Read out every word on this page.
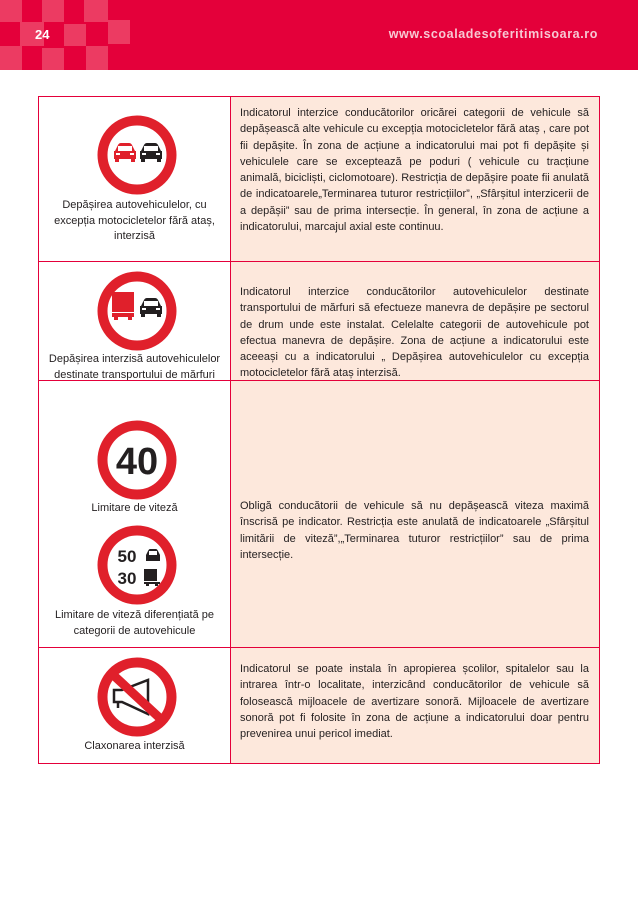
24	www.scoaladesoferitimisoara.ro
Depășirea autovehiculelor, cu excepția motocicletelor fără ataș, interzisă
Indicatorul interzice conducătorilor oricărei categorii de vehicule să depășească alte vehicule cu excepția motocicletelor fără ataș , care pot fii depășite. În zona de acțiune a indicatorului mai pot fi depășite și vehiculele care se exceptează pe poduri ( vehicule cu tracțiune animală, bicicliști, ciclomotoare). Restricția de depășire poate fii anulată de indicatoarele„Terminarea tuturor restricțiilor”, „Sfârșitul interzicerii de a depășii” sau de prima intersecție. În general, în zona de acțiune a indicatorului, marcajul axial este continuu.
Depășirea interzisă autovehiculelor destinate transportului de mărfuri
Indicatorul interzice conducătorilor autovehiculelor destinate transportului de mărfuri să efectueze manevra de depășire pe sectorul de drum unde este instalat. Celelalte categorii de autovehicule pot efectua manevra de depășire. Zona de acțiune a indicatorului este aceeași cu a indicatorului „ Depășirea autovehiculelor cu excepția motocicletelor fără ataș interzisă.
40
Limitare de viteză
50
30
Limitare de viteză diferențiată pe categorii de autovehicule
Obligă conducătorii de vehicule să nu depășească viteza maximă înscrisă pe indicator. Restricția este anulată de indicatoarele „Sfârșitul limitării de viteză”,„Terminarea tuturor restricțiilor” sau de prima intersecție.
Claxonarea interzisă
Indicatorul se poate instala în apropierea școlilor, spitalelor sau la intrarea într-o localitate, interzicând conducătorilor de vehicule să folosească mijloacele de avertizare sonoră. Mijloacele de avertizare sonoră pot fi folosite în zona de acțiune a indicatorului doar pentru prevenirea unui pericol imediat.
